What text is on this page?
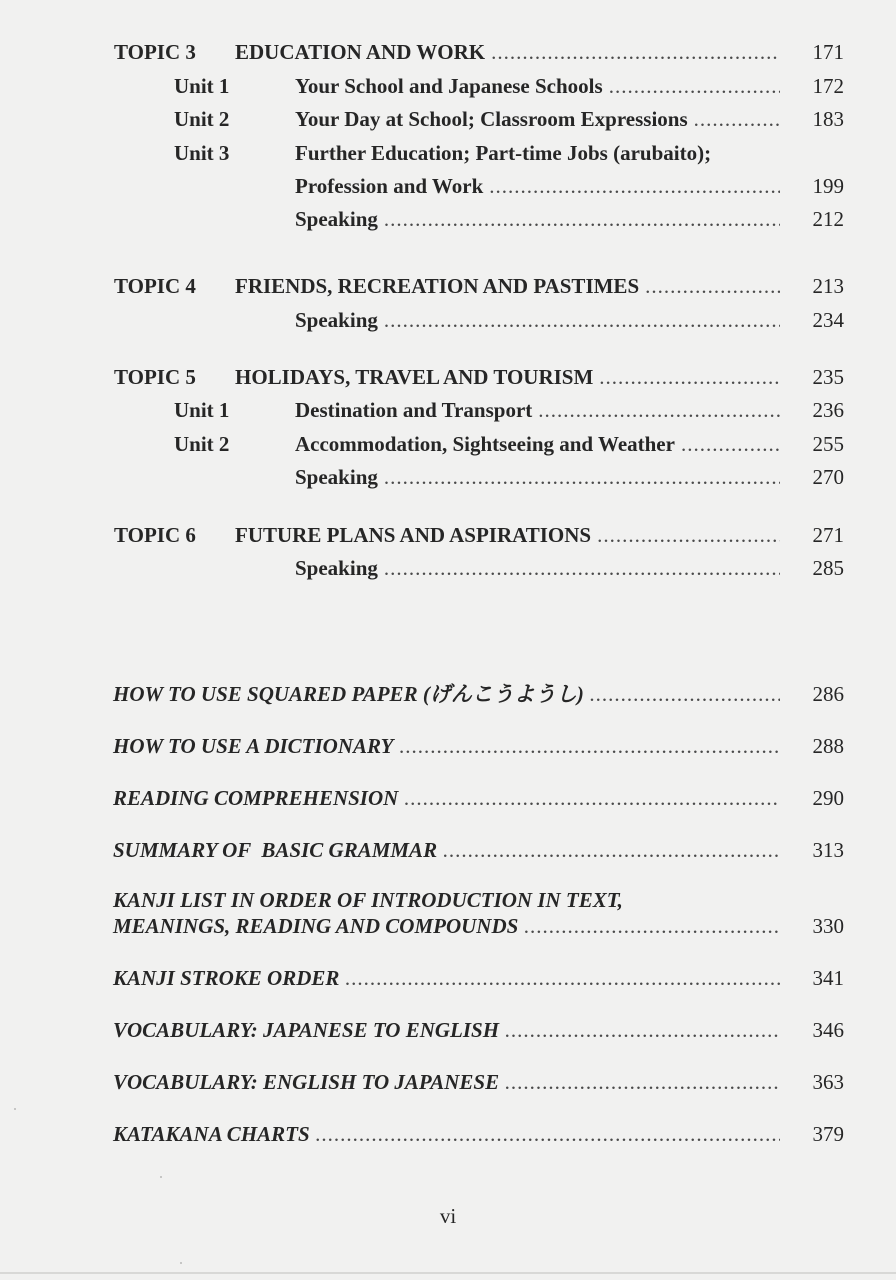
TOPIC 3	EDUCATION AND WORK .....	171
Unit 1	Your School and Japanese Schools .....	172
Unit 2	Your Day at School; Classroom Expressions .....	183
Unit 3	Further Education; Part-time Jobs (arubaito);
Profession and Work .....	199
Speaking .....	212
TOPIC 4	FRIENDS, RECREATION AND PASTIMES .....	213
Speaking .....	234
TOPIC 5	HOLIDAYS, TRAVEL AND TOURISM .....	235
Unit 1	Destination and Transport .....	236
Unit 2	Accommodation, Sightseeing and Weather .....	255
Speaking .....	270
TOPIC 6	FUTURE PLANS AND ASPIRATIONS .....	271
Speaking .....	285
HOW TO USE SQUARED PAPER (げんこうようし) .....	286
HOW TO USE A DICTIONARY .....	288
READING COMPREHENSION .....	290
SUMMARY OF  BASIC GRAMMAR .....	313
KANJI LIST IN ORDER OF INTRODUCTION IN TEXT,
MEANINGS, READING AND COMPOUNDS .....	330
KANJI STROKE ORDER .....	341
VOCABULARY: JAPANESE TO ENGLISH .....	346
VOCABULARY: ENGLISH TO JAPANESE .....	363
KATAKANA CHARTS .....	379
vi
